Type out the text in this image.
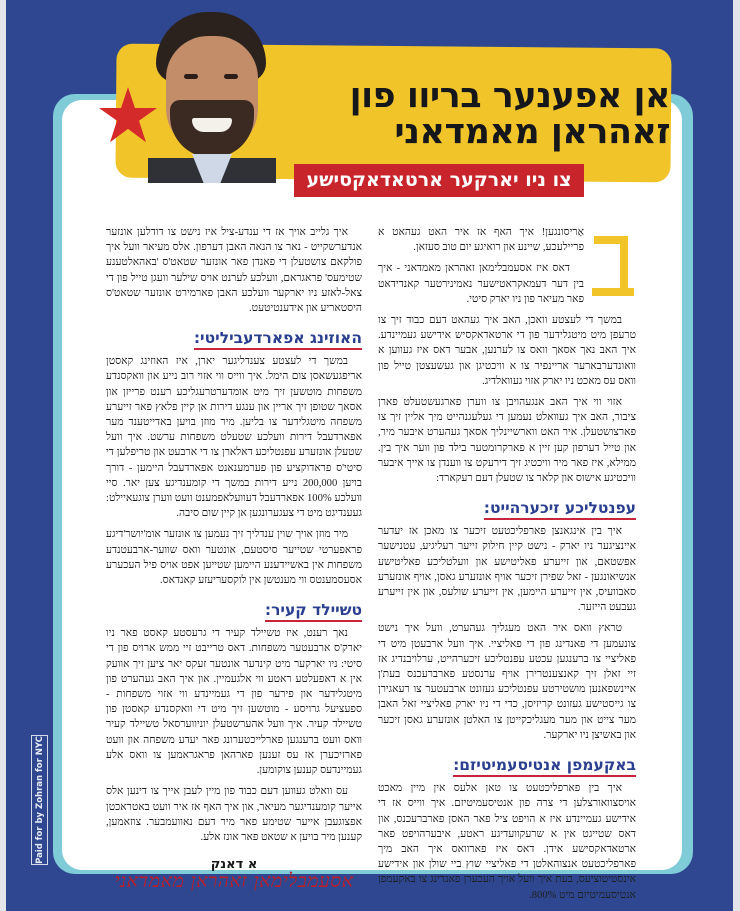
אן אפענער בריוו פון
זאהראן מאמדאני
צו ניו יארקער ארטאדאקסישע אידן

אַריסונגען! איך האף אז איר האט געהאט א פריילעכע, שיינע און רואיגע יום טוב סעזאן.

דאס איז אסעמבלימאן זאהראן מאמדאני - איך בין דער דעמאקראטישער נאמינירטער קאנדידאט פאר מעיאר פון ניו יארק סיטי.

במשך די לעצטע וואכן, האב איך געהאט דעם כבוד זיך צו טרעפן מיט מיטגלידער פון די ארטאדאקסיש אידישע געמיינדע. איך האב נאך אסאך וואס צו לערנען, אבער דאס איז געווען א וואונדערבארער אריינפיר צו א וויכטיגן און געשעצטן טייל פון וואס עס מאכט ניו יארק אזוי געוואלדיג.

אזוי ווי איך האב אנגעהויבן צו ווערן פארגעשטעלט פארן ציבור, האב איך געוואלט נעמען די געלעגנהייט מיך אליין זיך צו פארצושטעלן. איר האט ווארשיינליך אסאך געהערט איבער מיר, און טייל דערפון קען זיין א פארקרומטער בילד פון ווער איך בין. ממילא, איז פאר מיר וויכטיג זיך דירעקט צו ווענדן צו אייך איבער וויכטיגע אישוס און קלאר צו שטעלן דעם רעקארד:

עפנטליכע זיכערהייט:

איך בין אינגאנצן פארפליכטעט זיכער צו מאכן אז יעדער איינציגער ניו יארק - נישט קיין חילוק זייער רעליגיע, עטנישער אפשטאם, און זייערע פאליטישע און וועלטליכע פאליטישע אנשיאונגען - זאל שפירן זיכער אויף אונזערע גאסן, אויף אונזערע סאבוועיס, אין זייערע היימען, אין זייערע שולעס, און אין זייערע געבעט הייזער.

טראץ וואס איר האט מעגליך געהערט, וועל איך נישט צונעמען די פאנדינג פון די פאליציי. איך וועל ארבעטן מיט די פאליציי צו ברענגען עכטע עפנטליכע זיכערהייט, ערלויבנדיג אז זיי זאלן זיך קאנצענטרירן אויף ערנסטע פארברעכנס בעת'ן איינשפאנען מושטירטע עפנטליכע געזונט ארבעטער צו רעאגירן צו גייסטישע געזונט קריזיסן, כדי די ניו יארק פאליציי זאל האבן מער צייט און מער מעגליכקייטן צו האלטן אונזערע גאסן זיכער און באשיצן ניו יארקער.

באקעמפן אנטיסעמיטיזם:

איך בין פארפליכטעט צו טאן אלעס אין מיין מאכט אויסצוואורצלען די צרה פון אנטיסעמיטיזם. איך ווייס אז די אידישע געמיינדע איז א הויפט ציל פאר האסן פארברעכנס, און דאס שטייגט אין א שרעקוועדיגע ראטע, איבערהויפט פאר ארטאדאקסישע אידן. דאס איז פארוואס איך האב מיך פארפליכטעט אנצוהאלטן די פאליציי שוץ ביי שולן און אידישע אינסטיטוציעס, בעת איך וועל אויך העכערן פאנדינג צו באקעמפן אנטיסעמיטיזם מיט 800%.

איך גלייב אויך אז די ענדע-ציל איז נישט צו דודלען אונזער אנדערשקייט - נאר צו הנאה האבן דערפון. אלס מעיאר וועל איך פולקאם צושטעלן די פאנדן פאר אונזער שטאט'ס 'באהאלטענע שטימעס' פראגראם, וועלכע לערנט אויס שילער וועגן טייל פון די צאל-לאזע ניו יארקער וועלכע האבן פארמירט אונזער שטאט'ס היסטאריע און אידענטיטעט.

האוזינג אפארדעביליטי:

במשך די לעצטע צענדליגער יארן, איז האוזינג קאסטן אריפגעשאסן צום הימל. איך ווייס ווי אזוי רוב נייע און וואקסנדע משפחות מוטשען זיך מיט אומדערטרעגליכע רענט פרייזן און אסאך שטופן זיך אריין און ענגע דירות אן קיין פלאץ פאר זייערע משפחה מיטגלידער צו בליען. מיר מוזן בויען באדייטענד מער אפארדעבל דירות וועלכע שטעלט משפחות ערשט. איך וועל שטעלן אונזערע עפנטליכע דאלארן צו די ארבעט און טריפלען די סיטי'ס פראדוקציע פון פערמענאנט אפארדעבל היימען - דורך בויען 200,000 נייע דירות במשך די קומענדיגע צען יאר. סיי וועלכע 100% אפארדעבל דעוועלאפמענט וועט ווערן צוגעאיילט: געענדיגט מיט די צעגערונגען אן קיין שום סיבה.

מיר מוזן אויך שוין ענדליך זיך נעמען צו אונזער אומ'יושר'דיגע פראפערטי שטייער סיסטעם, אונטער וואס שווער-ארבעטנדע משפחות אין באשיידענע היימען שטייען אפט אויס פיל העכערע אסעסמענטס ווי מענטשן אין לוקסעריעזע קאנדאס.

טשיילד קעיר:

נאך רענט, איז טשיילד קעיר די גרעסטע קאסט פאר ניו יארק'ס ארבעטער משפחות. דאס טרייבט זיי ממש ארויס פון די סיטי: ניו יארקער מיט קינדער אונטער זעקס יאר ציען זיך אוועק אין א דאפעלטע ראטע ווי אלגעמיין. און איך האב געהערט פון מיטגלידער און פירער פון די געמיינדע ווי אזוי משפחות - ספעציעל גרויסע - מוטשען זיך מיט די וואקסנדע קאסטן פון טשיילד קעיר. איך וועל אהערשטעלן יוניווערסאל טשיילד קעיר וואס וועט ברענגען פארלייכטערונג פאר יעדע משפחה און וועט פארזיכערן אז עס זענען פארהאן פראגראמען צו וואס אלע געמיינדעס קענען צוקומען.

עס וואלט געווען דעם כבוד פון מיין לעבן אייך צו דינען אלס אייער קומענדיגער מעיאר, און איך האף אז איר וועט באטראכטן אפצוגעבן אייער שטימע פאר מיר דעם נאוועמבער. צוזאמען, קענען מיר בויען א שטאט פאר אונז אלע.

א דאנק
אסעמבלימאן זאהראן מאמדאני
Paid for by Zohran for NYC
